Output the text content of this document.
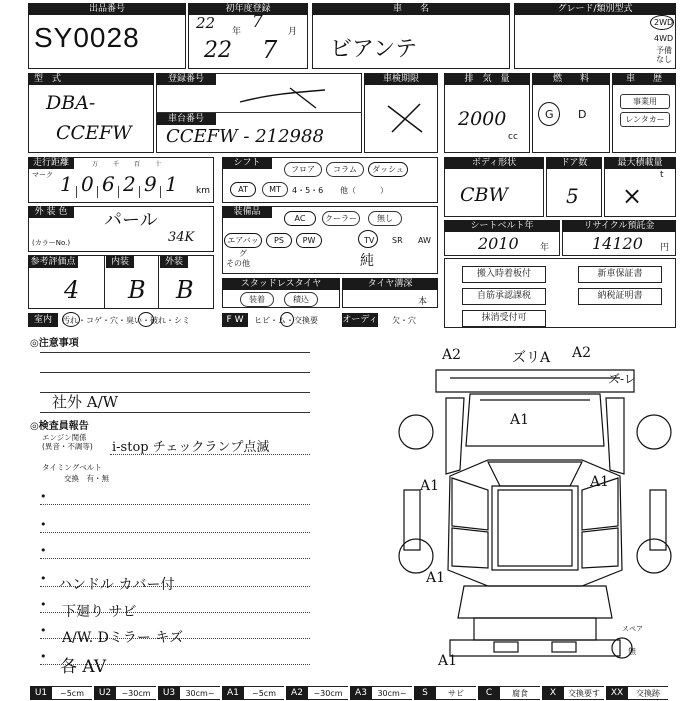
出品番号
SY0028
初年度登録
22 年 7	月
22 7
車　　名
ビアンテ
グレード/類別型式
2WD
4WD
予備
なし
型　式
DBA-
CCEFW
登録番号
車台番号
CCEFW - 212988
車検期限	排　気　量
2000
cc
燃　　料
G D
車　　歴
事業用
レンタカー
走行距離
マーク 1 0 6 2 9 1
万 千 百 十
km
シフト
フロア	コラム	ダッシュ
AT	MT	4・5・6 他（　　　）
ボディ形状
CBW
ドア数
5
最大積載量
t
×
外 装 色	パール
(カラーNo.)	34K
装備品
AC	クーラー	無し
エアバッグ
PS	PW	TV SR AW
その他	純
シートベルト年
2010 年
リサイクル預託金
14120 円
参考評価点	内装	外装
4 B B	スタッドレスタイヤ
装着	積込
タイヤ溝深
本
搬入時着板付
自筋承認課税
抹消受付可
新車保証書
納税証明書
室内	汚れ・コゲ・穴・臭い・破れ・シミ	F W	ヒビ・ム・交換要	オーディオ
欠・穴
◎注意事項
社外 A/W
◎検査員報告
エンジン関係
(異音・不調等) i-stop チェックランプ点滅
タイミングベルト
交換　有・無
•
•
•
•
•
•
•
ハンドル カバー付
下廻り サビ
A/W. Dミラー キズ
各 AV
A2	ズリA A2
ズ-レ
A1
A1	A1
A1
A1
スペア
無
U1	~5cm	U2	~30cm	U3	30cm~	A1	~5cm	A2	~30cm	A3	30cm~	S	サビ	C	腐食	X	交換要す	XX	交換跡
